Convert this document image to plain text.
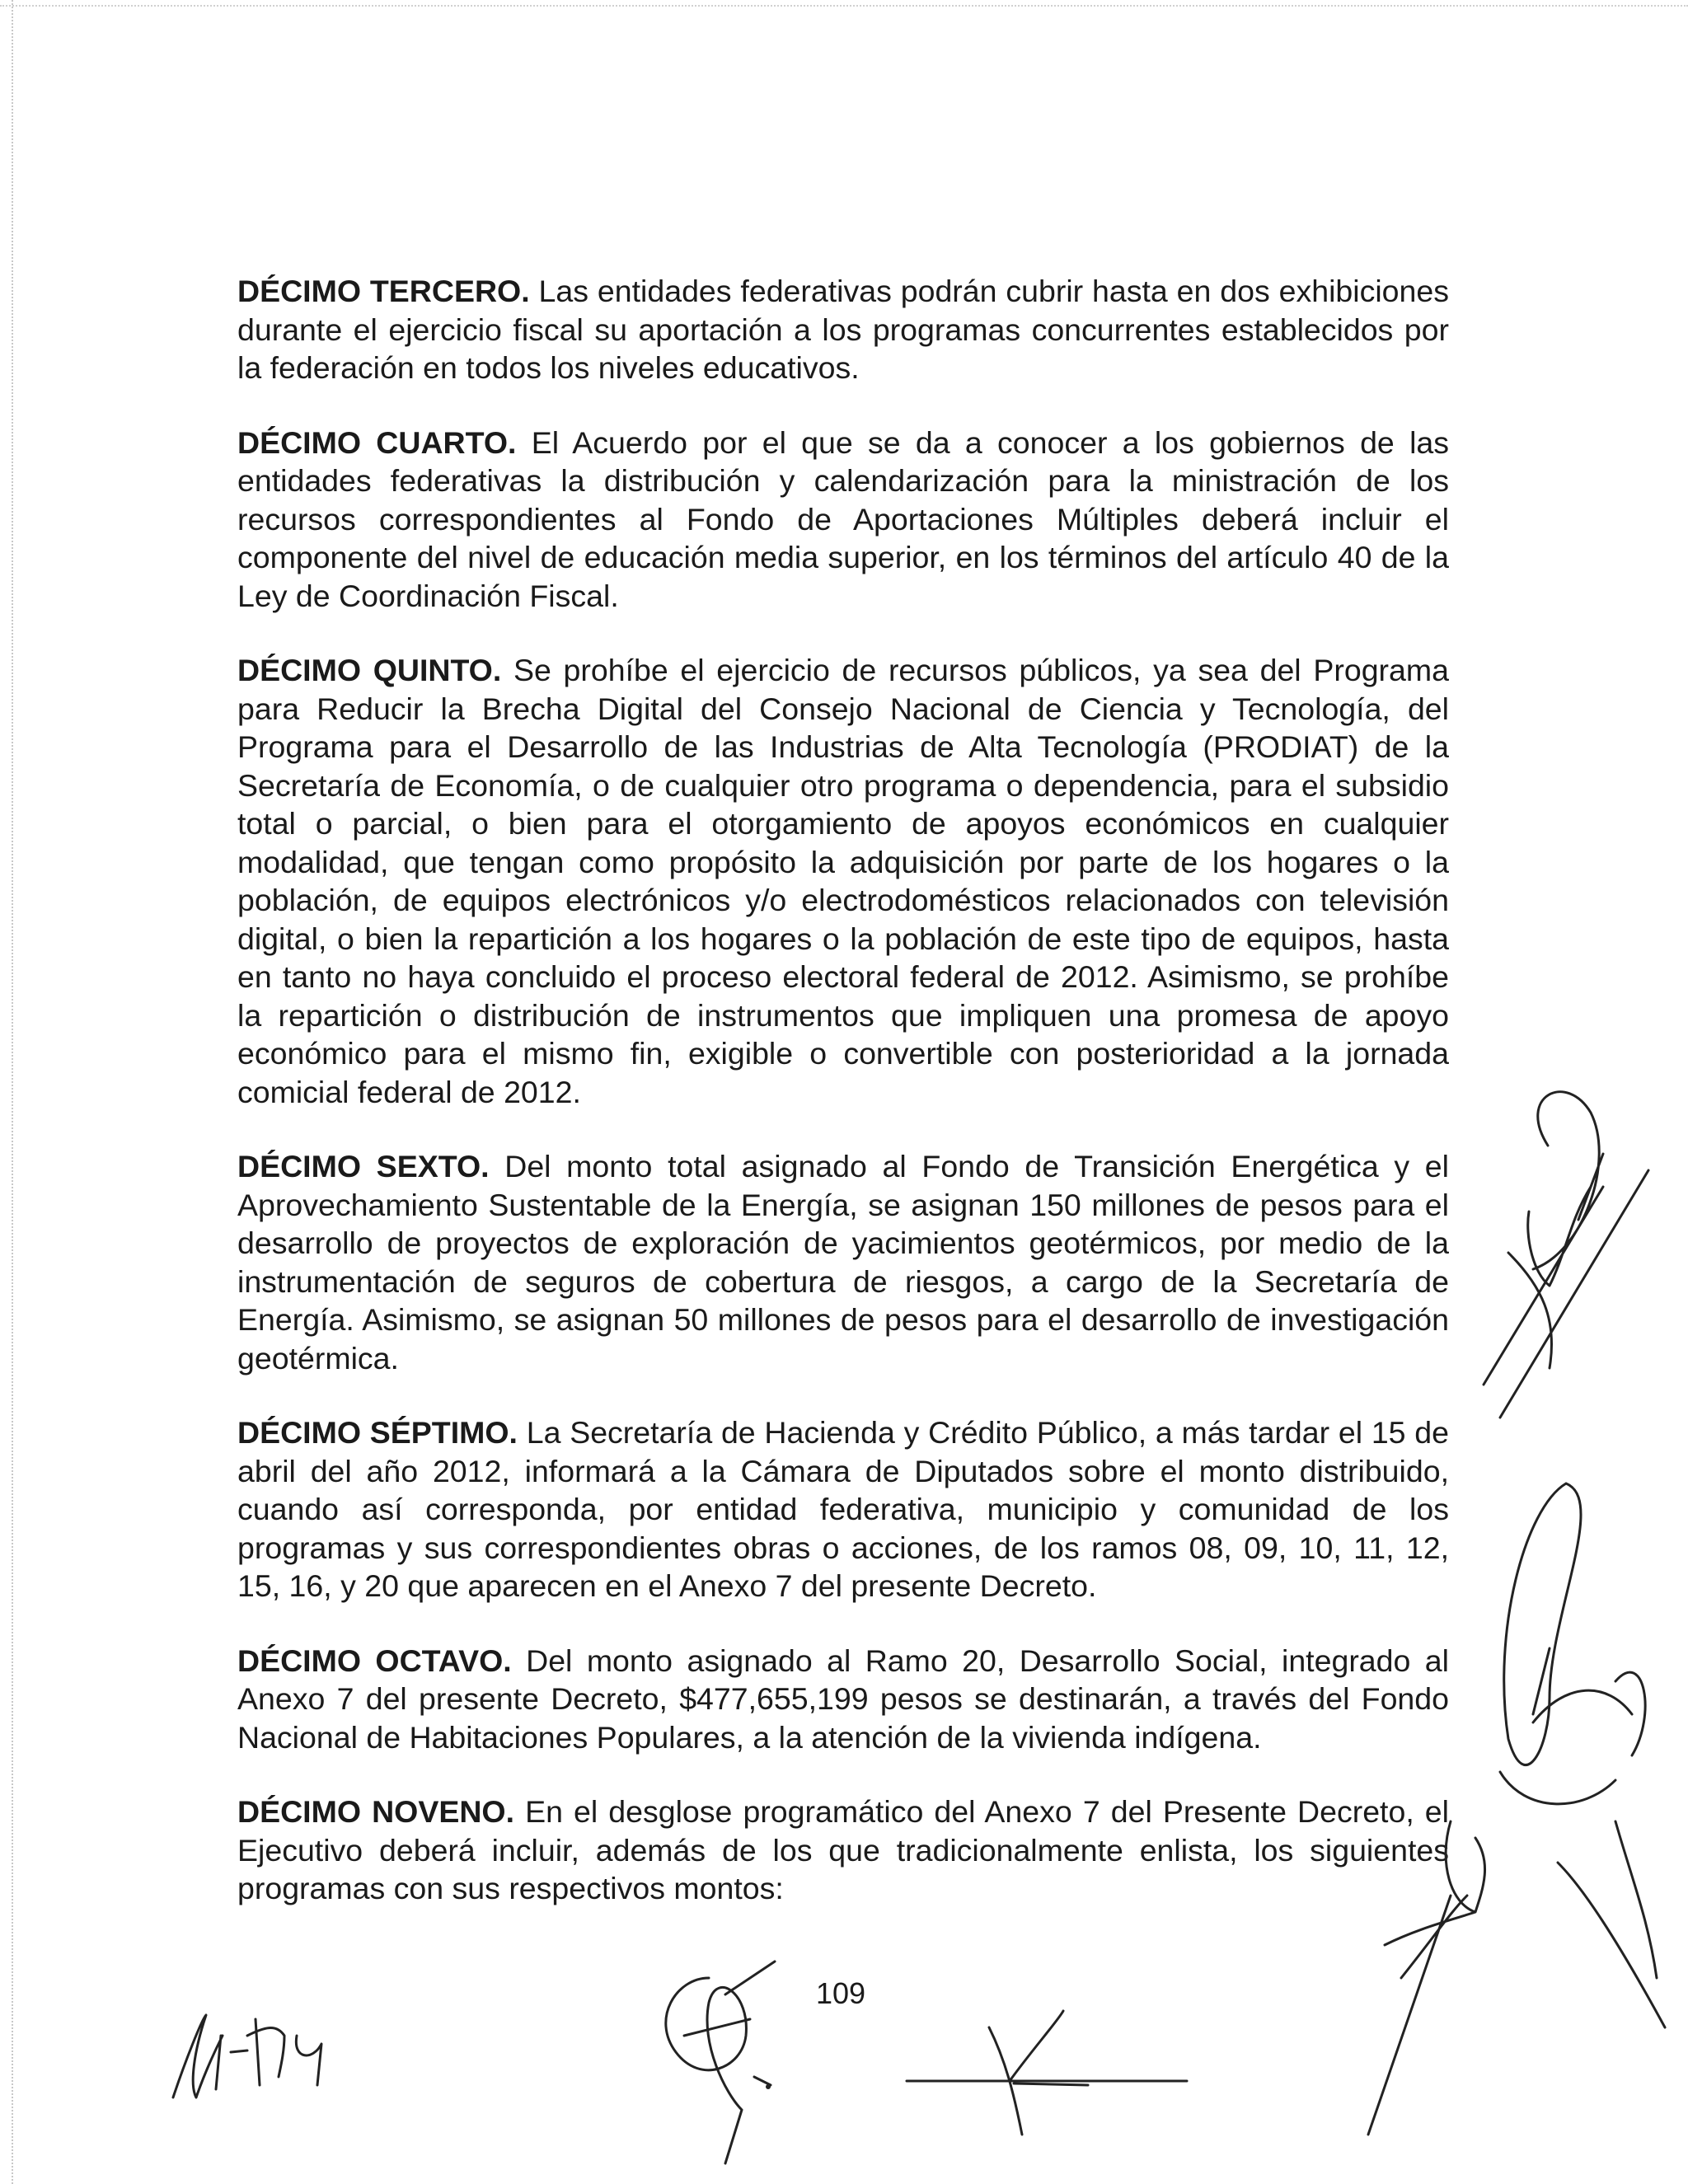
DÉCIMO TERCERO. Las entidades federativas podrán cubrir hasta en dos exhibiciones durante el ejercicio fiscal su aportación a los programas concurrentes establecidos por la federación en todos los niveles educativos.

DÉCIMO CUARTO. El Acuerdo por el que se da a conocer a los gobiernos de las entidades federativas la distribución y calendarización para la ministración de los recursos correspondientes al Fondo de Aportaciones Múltiples deberá incluir el componente del nivel de educación media superior, en los términos del artículo 40 de la Ley de Coordinación Fiscal.

DÉCIMO QUINTO. Se prohíbe el ejercicio de recursos públicos, ya sea del Programa para Reducir la Brecha Digital del Consejo Nacional de Ciencia y Tecnología, del Programa para el Desarrollo de las Industrias de Alta Tecnología (PRODIAT) de la Secretaría de Economía, o de cualquier otro programa o dependencia, para el subsidio total o parcial, o bien para el otorgamiento de apoyos económicos en cualquier modalidad, que tengan como propósito la adquisición por parte de los hogares o la población, de equipos electrónicos y/o electrodomésticos relacionados con televisión digital, o bien la repartición a los hogares o la población de este tipo de equipos, hasta en tanto no haya concluido el proceso electoral federal de 2012. Asimismo, se prohíbe la repartición o distribución de instrumentos que impliquen una promesa de apoyo económico para el mismo fin, exigible o convertible con posterioridad a la jornada comicial federal de 2012.

DÉCIMO SEXTO. Del monto total asignado al Fondo de Transición Energética y el Aprovechamiento Sustentable de la Energía, se asignan 150 millones de pesos para el desarrollo de proyectos de exploración de yacimientos geotérmicos, por medio de la instrumentación de seguros de cobertura de riesgos, a cargo de la Secretaría de Energía. Asimismo, se asignan 50 millones de pesos para el desarrollo de investigación geotérmica.

DÉCIMO SÉPTIMO. La Secretaría de Hacienda y Crédito Público, a más tardar el 15 de abril del año 2012, informará a la Cámara de Diputados sobre el monto distribuido, cuando así corresponda, por entidad federativa, municipio y comunidad de los programas y sus correspondientes obras o acciones, de los ramos 08, 09, 10, 11, 12, 15, 16, y 20 que aparecen en el Anexo 7 del presente Decreto.

DÉCIMO OCTAVO. Del monto asignado al Ramo 20, Desarrollo Social, integrado al Anexo 7 del presente Decreto, $477,655,199 pesos se destinarán, a través del Fondo Nacional de Habitaciones Populares, a la atención de la vivienda indígena.

DÉCIMO NOVENO. En el desglose programático del Anexo 7 del Presente Decreto, el Ejecutivo deberá incluir, además de los que tradicionalmente enlista, los siguientes programas con sus respectivos montos:

109
